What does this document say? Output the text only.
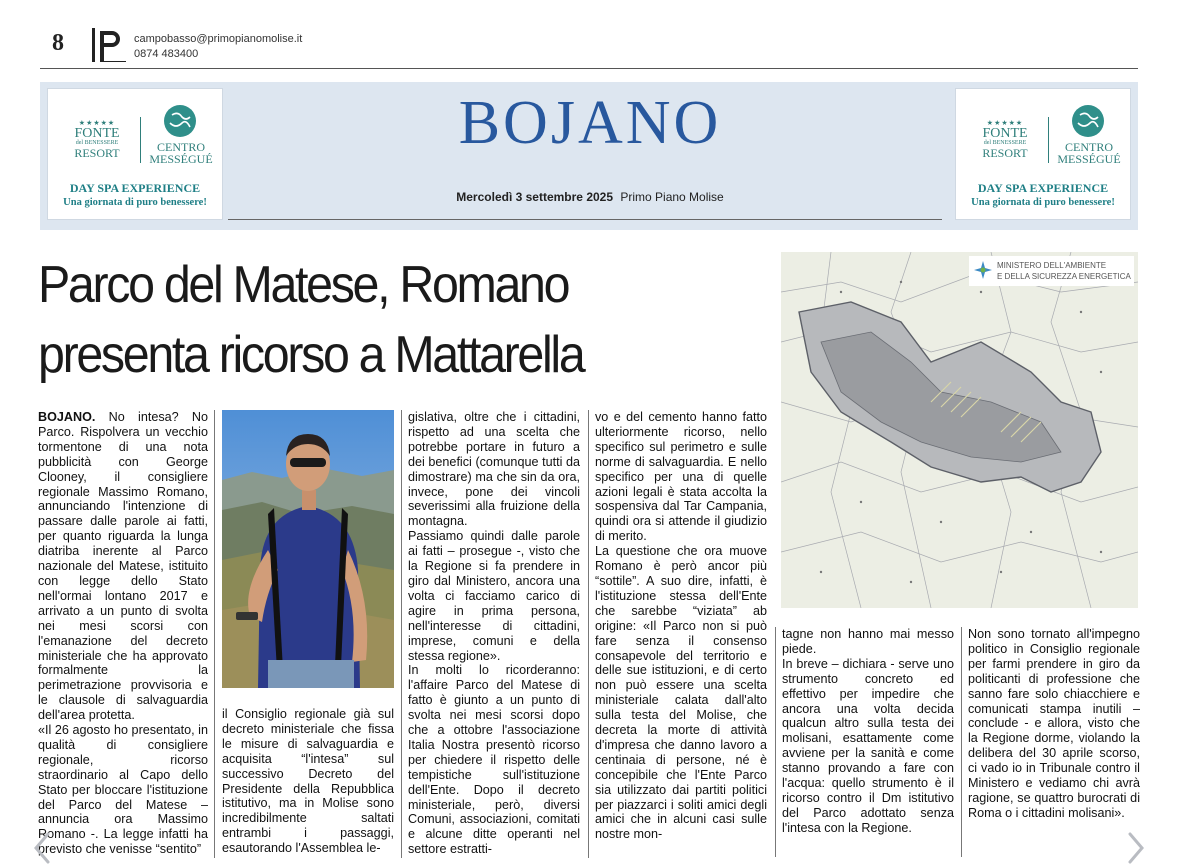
8	campobasso@primopianomolise.it
0874 483400
★★★★★
FONTE
del BENESSERE
RESORT	CENTRO
MESSÉGUÉ
DAY SPA EXPERIENCE
Una giornata di puro benessere!
★★★★★
FONTE
del BENESSERE
RESORT	CENTRO
MESSÉGUÉ
DAY SPA EXPERIENCE
Una giornata di puro benessere!
BOJANO
Mercoledì 3 settembre 2025 Primo Piano Molise
Parco del Matese, Romano
presenta ricorso a Mattarella
MINISTERO DELL'AMBIENTE
E DELLA SICUREZZA ENERGETICA

BOJANO. No intesa? No Parco. Rispolvera un vecchio tormentone di una nota pubblicità con George Clooney, il consigliere regionale Massimo Romano, annunciando l'intenzione di passare dalle parole ai fatti, per quanto riguarda la lunga diatriba inerente al Parco nazionale del Matese, istituito con legge dello Stato nell'ormai lontano 2017 e arrivato a un punto di svolta nei mesi scorsi con l'emanazione del decreto ministeriale che ha approvato formalmente la perimetrazione provvisoria e le clausole di salvaguardia dell'area protetta.

«Il 26 agosto ho presentato, in qualità di consigliere regionale, ricorso straordinario al Capo dello Stato per bloccare l'istituzione del Parco del Matese – annuncia ora Massimo Romano -. La legge infatti ha previsto che venisse “sentito”

il Consiglio regionale già sul decreto ministeriale che fissa le misure di salvaguardia e acquisita “l'intesa” sul successivo Decreto del Presidente della Repubblica istitutivo, ma in Molise sono incredibilmente saltati entrambi i passaggi, esautorando l'Assemblea le-

gislativa, oltre che i cittadini, rispetto ad una scelta che potrebbe portare in futuro a dei benefici (comunque tutti da dimostrare) ma che sin da ora, invece, pone dei vincoli severissimi alla fruizione della montagna.

Passiamo quindi dalle parole ai fatti – prosegue -, visto che la Regione si fa prendere in giro dal Ministero, ancora una volta ci facciamo carico di agire in prima persona, nell'interesse di cittadini, imprese, comuni e della stessa regione».

In molti lo ricorderanno: l'affaire Parco del Matese di fatto è giunto a un punto di svolta nei mesi scorsi dopo che a ottobre l'associazione Italia Nostra presentò ricorso per chiedere il rispetto delle tempistiche sull'istituzione dell'Ente. Dopo il decreto ministeriale, però, diversi Comuni, associazioni, comitati e alcune ditte operanti nel settore estratti-

vo e del cemento hanno fatto ulteriormente ricorso, nello specifico sul perimetro e sulle norme di salvaguardia. E nello specifico per una di quelle azioni legali è stata accolta la sospensiva dal Tar Campania, quindi ora si attende il giudizio di merito.

La questione che ora muove Romano è però ancor più “sottile”. A suo dire, infatti, è l'istituzione stessa dell'Ente che sarebbe “viziata” ab origine: «Il Parco non si può fare senza il consenso consapevole del territorio e delle sue istituzioni, e di certo non può essere una scelta ministeriale calata dall'alto sulla testa del Molise, che decreta la morte di attività d'impresa che danno lavoro a centinaia di persone, né è concepibile che l'Ente Parco sia utilizzato dai partiti politici per piazzarci i soliti amici degli amici che in alcuni casi sulle nostre mon-

tagne non hanno mai messo piede.

In breve – dichiara - serve uno strumento concreto ed effettivo per impedire che ancora una volta decida qualcun altro sulla testa dei molisani, esattamente come avviene per la sanità e come stanno provando a fare con l'acqua: quello strumento è il ricorso contro il Dm istitutivo del Parco adottato senza l'intesa con la Regione.

Non sono tornato all'impegno politico in Consiglio regionale per farmi prendere in giro da politicanti di professione che sanno fare solo chiacchiere e comunicati stampa inutili – conclude - e allora, visto che la Regione dorme, violando la delibera del 30 aprile scorso, ci vado io in Tribunale contro il Ministero e vediamo chi avrà ragione, se quattro burocrati di Roma o i cittadini molisani».
